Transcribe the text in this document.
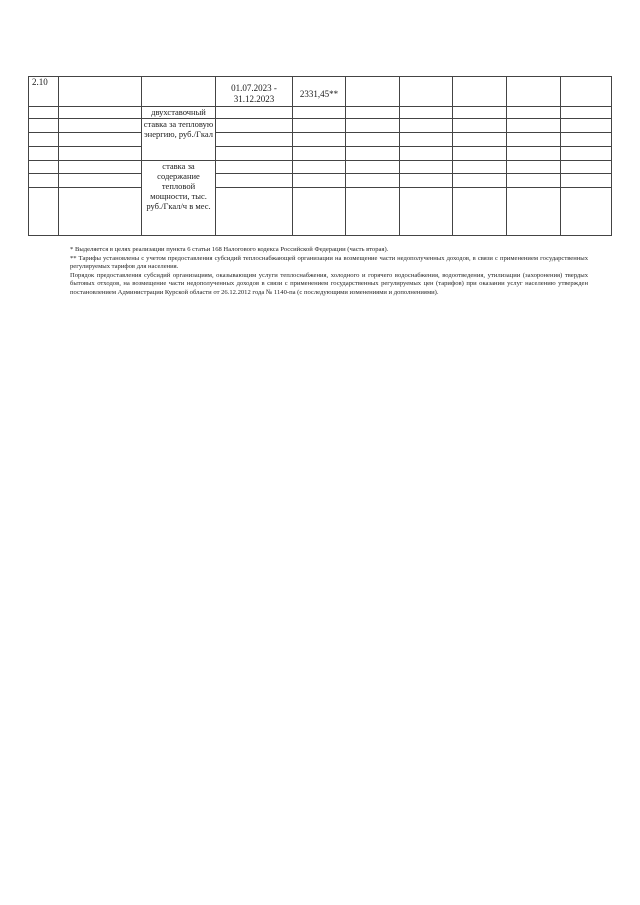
2.10			01.07.2023 - 31.12.2023	2331,45**					
		двухставочный							
		ставка за тепловую энергию, руб./Гкал							

		ставка за содержание тепловой мощности, тыс. руб./Гкал/ч в мес.							

* Выделяется в целях реализации пункта 6 статьи 168 Налогового кодекса Российской Федерации (часть вторая).

** Тарифы установлены с учетом предоставления субсидий теплоснабжающей организации на возмещение части недополученных доходов, в связи с применением государственных регулируемых тарифов для населения.

Порядок предоставления субсидий организациям, оказывающим услуги теплоснабжения, холодного и горячего водоснабжения, водоотведения, утилизации (захоронения) твердых бытовых отходов, на возмещение части недополученных доходов в связи с применением государственных регулируемых цен (тарифов) при оказании услуг населению утвержден постановлением Администрации Курской области от 26.12.2012 года № 1140-па (с последующими изменениями и дополнениями).
